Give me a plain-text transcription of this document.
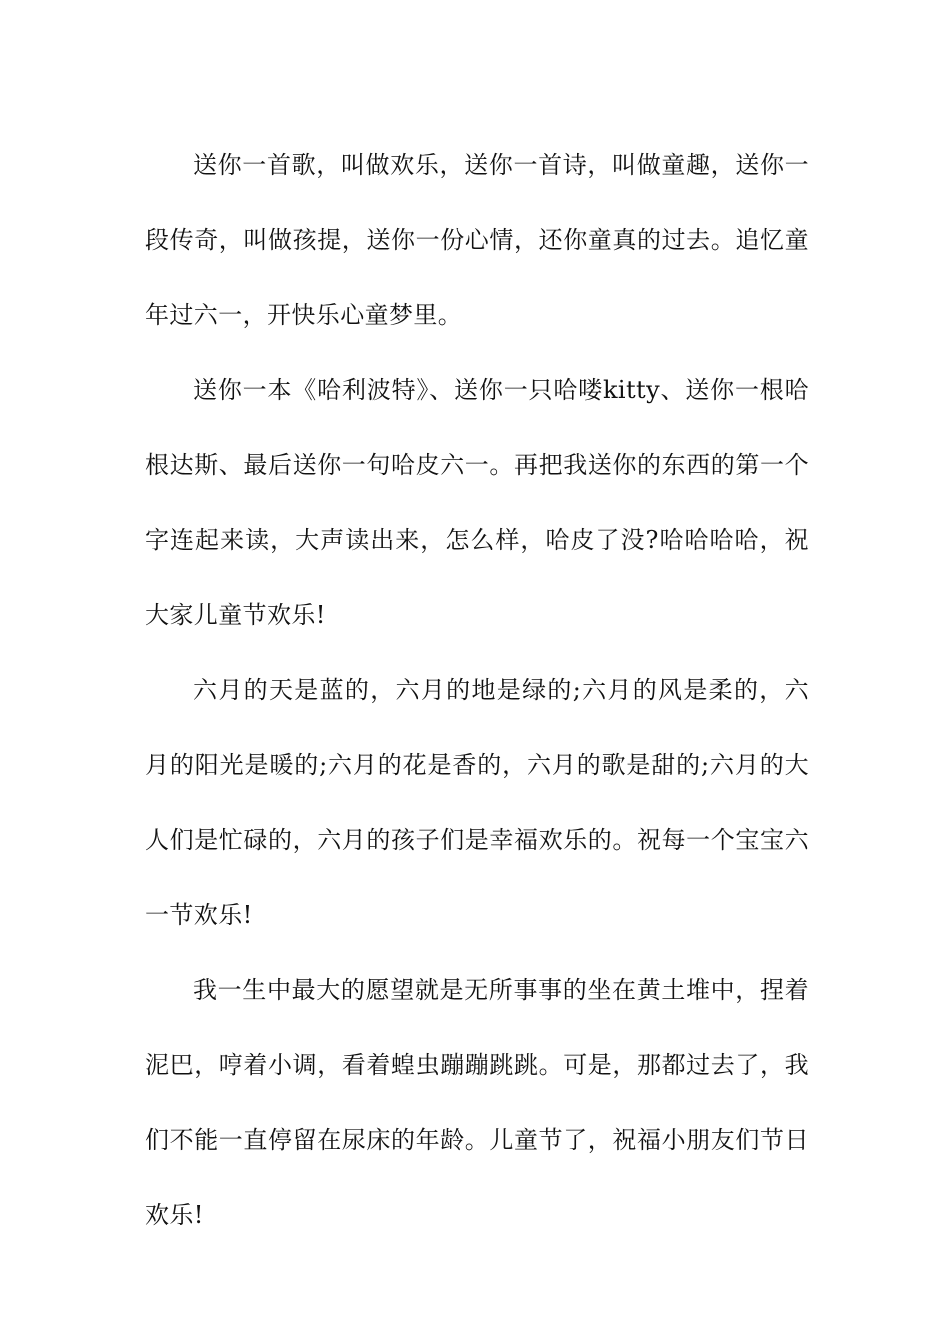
送你一首歌，叫做欢乐，送你一首诗，叫做童趣，送你一段传奇，叫做孩提，送你一份心情，还你童真的过去。追忆童年过六一，开快乐心童梦里。

送你一本《哈利波特》、送你一只哈喽kitty、送你一根哈根达斯、最后送你一句哈皮六一。再把我送你的东西的第一个字连起来读，大声读出来，怎么样，哈皮了没?哈哈哈哈，祝大家儿童节欢乐!

六月的天是蓝的，六月的地是绿的;六月的风是柔的，六月的阳光是暖的;六月的花是香的，六月的歌是甜的;六月的大人们是忙碌的，六月的孩子们是幸福欢乐的。祝每一个宝宝六一节欢乐!

我一生中最大的愿望就是无所事事的坐在黄土堆中，捏着泥巴，哼着小调，看着蝗虫蹦蹦跳跳。可是，那都过去了，我们不能一直停留在尿床的年龄。儿童节了，祝福小朋友们节日欢乐!
